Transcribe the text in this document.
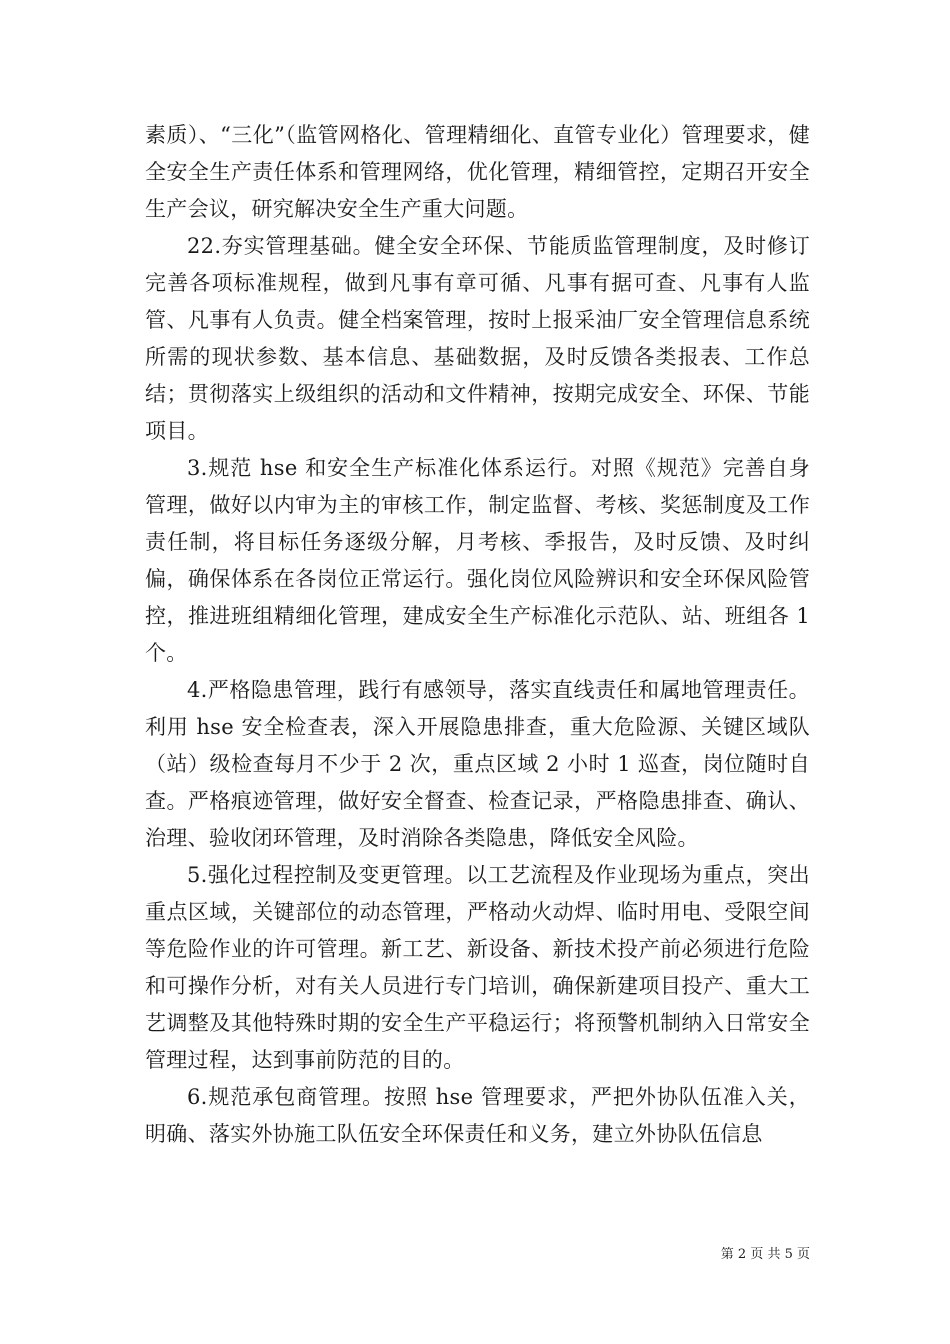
素质）、“三化”（监管网格化、管理精细化、直管专业化）管理要求，健全安全生产责任体系和管理网络，优化管理，精细管控，定期召开安全生产会议，研究解决安全生产重大问题。

22.夯实管理基础。健全安全环保、节能质监管理制度，及时修订完善各项标准规程，做到凡事有章可循、凡事有据可查、凡事有人监管、凡事有人负责。健全档案管理，按时上报采油厂安全管理信息系统所需的现状参数、基本信息、基础数据，及时反馈各类报表、工作总结；贯彻落实上级组织的活动和文件精神，按期完成安全、环保、节能项目。

3.规范 hse 和安全生产标准化体系运行。对照《规范》完善自身管理，做好以内审为主的审核工作，制定监督、考核、奖惩制度及工作责任制，将目标任务逐级分解，月考核、季报告，及时反馈、及时纠偏，确保体系在各岗位正常运行。强化岗位风险辨识和安全环保风险管控，推进班组精细化管理，建成安全生产标准化示范队、站、班组各 1 个。

4.严格隐患管理，践行有感领导，落实直线责任和属地管理责任。利用 hse 安全检查表，深入开展隐患排查，重大危险源、关键区域队（站）级检查每月不少于 2 次，重点区域 2 小时 1 巡查，岗位随时自查。严格痕迹管理，做好安全督查、检查记录，严格隐患排查、确认、治理、验收闭环管理，及时消除各类隐患，降低安全风险。

5.强化过程控制及变更管理。以工艺流程及作业现场为重点，突出重点区域，关键部位的动态管理，严格动火动焊、临时用电、受限空间等危险作业的许可管理。新工艺、新设备、新技术投产前必须进行危险和可操作分析，对有关人员进行专门培训，确保新建项目投产、重大工艺调整及其他特殊时期的安全生产平稳运行；将预警机制纳入日常安全管理过程，达到事前防范的目的。

6.规范承包商管理。按照 hse 管理要求，严把外协队伍准入关，明确、落实外协施工队伍安全环保责任和义务，建立外协队伍信息

第 2 页 共 5 页
